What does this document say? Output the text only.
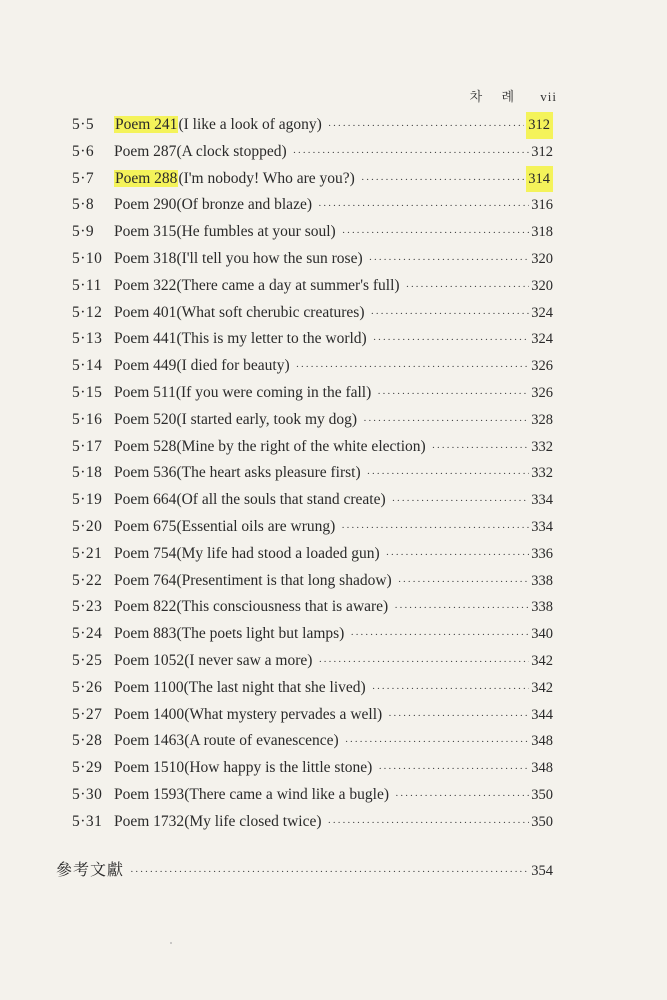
차 례 vii
5·5	Poem 241(I like a look of agony) ·····	312
5·6	Poem 287(A clock stopped) ·····	312
5·7	Poem 288(I'm nobody! Who are you?) ·····	314
5·8	Poem 290(Of bronze and blaze) ·····	316
5·9	Poem 315(He fumbles at your soul) ·····	318
5·10 Poem 318(I'll tell you how the sun rose) ·····	320
5·11 Poem 322(There came a day at summer's full) ·····	320
5·12 Poem 401(What soft cherubic creatures) ·····	324
5·13 Poem 441(This is my letter to the world) ·····	324
5·14 Poem 449(I died for beauty) ·····	326
5·15 Poem 511(If you were coming in the fall) ·····	326
5·16 Poem 520(I started early, took my dog) ·····	328
5·17 Poem 528(Mine by the right of the white election) ·····	332
5·18 Poem 536(The heart asks pleasure first) ·····	332
5·19 Poem 664(Of all the souls that stand create) ·····	334
5·20 Poem 675(Essential oils are wrung) ·····	334
5·21 Poem 754(My life had stood a loaded gun) ·····	336
5·22 Poem 764(Presentiment is that long shadow) ·····	338
5·23 Poem 822(This consciousness that is aware) ·····	338
5·24 Poem 883(The poets light but lamps) ·····	340
5·25 Poem 1052(I never saw a more) ·····	342
5·26 Poem 1100(The last night that she lived) ·····	342
5·27 Poem 1400(What mystery pervades a well) ·····	344
5·28 Poem 1463(A route of evanescence) ·····	348
5·29 Poem 1510(How happy is the little stone) ·····	348
5·30 Poem 1593(There came a wind like a bugle) ·····	350
5·31 Poem 1732(My life closed twice) ·····	350
參考文獻 ·····	354
